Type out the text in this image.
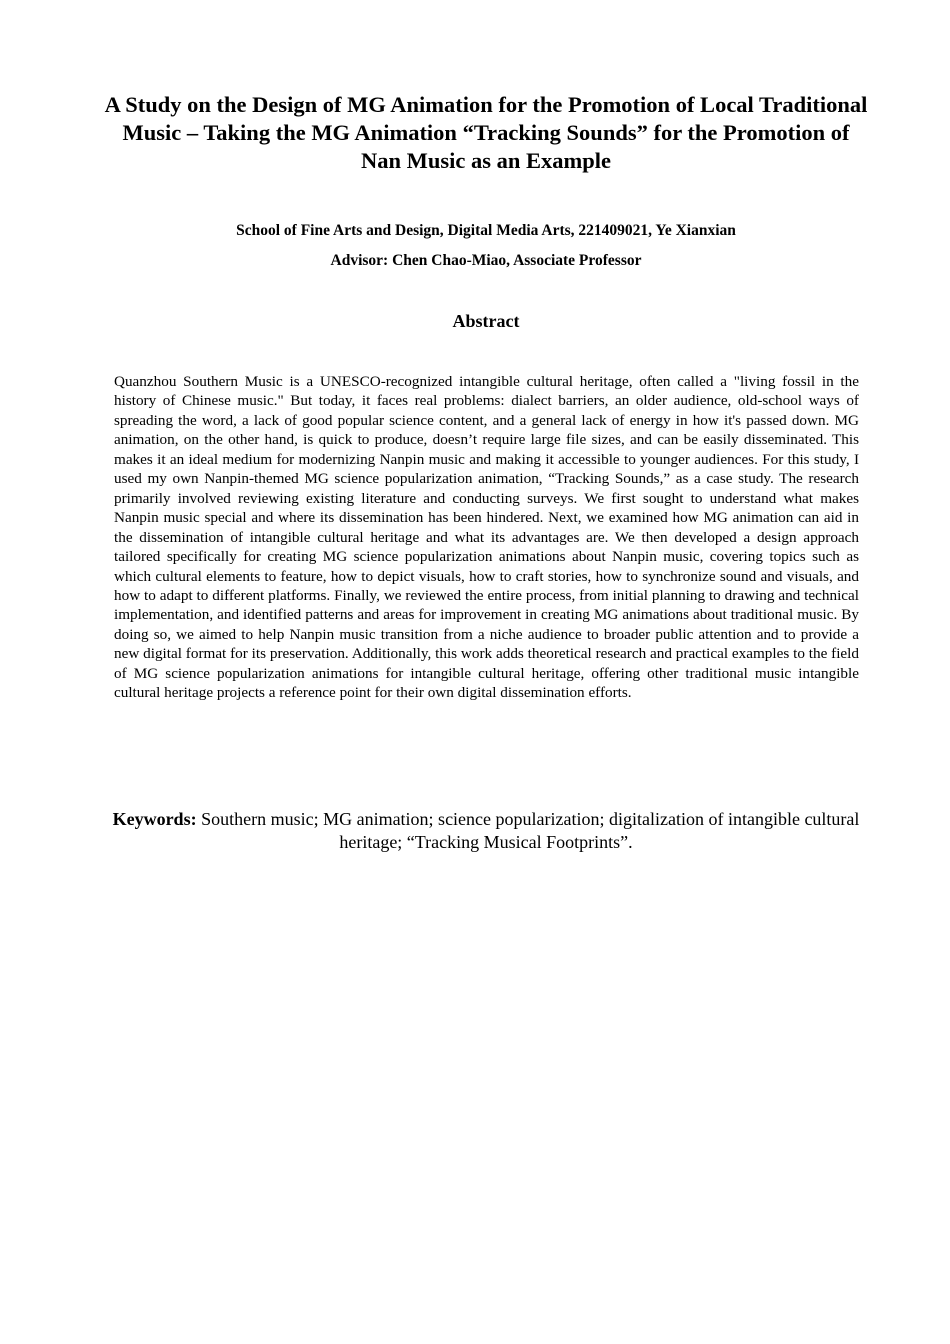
A Study on the Design of MG Animation for the Promotion of Local Traditional Music – Taking the MG Animation “Tracking Sounds” for the Promotion of Nan Music as an Example

School of Fine Arts and Design, Digital Media Arts, 221409021, Ye Xianxian

Advisor: Chen Chao-Miao, Associate Professor

Abstract

Quanzhou Southern Music is a UNESCO-recognized intangible cultural heritage, often called a "living fossil in the history of Chinese music." But today, it faces real problems: dialect barriers, an older audience, old-school ways of spreading the word, a lack of good popular science content, and a general lack of energy in how it's passed down. MG animation, on the other hand, is quick to produce, doesn’t require large file sizes, and can be easily disseminated. This makes it an ideal medium for modernizing Nanpin music and making it accessible to younger audiences. For this study, I used my own Nanpin-themed MG science popularization animation, “Tracking Sounds,” as a case study. The research primarily involved reviewing existing literature and conducting surveys. We first sought to understand what makes Nanpin music special and where its dissemination has been hindered. Next, we examined how MG animation can aid in the dissemination of intangible cultural heritage and what its advantages are. We then developed a design approach tailored specifically for creating MG science popularization animations about Nanpin music, covering topics such as which cultural elements to feature, how to depict visuals, how to craft stories, how to synchronize sound and visuals, and how to adapt to different platforms. Finally, we reviewed the entire process, from initial planning to drawing and technical implementation, and identified patterns and areas for improvement in creating MG animations about traditional music. By doing so, we aimed to help Nanpin music transition from a niche audience to broader public attention and to provide a new digital format for its preservation. Additionally, this work adds theoretical research and practical examples to the field of MG science popularization animations for intangible cultural heritage, offering other traditional music intangible cultural heritage projects a reference point for their own digital dissemination efforts.

Keywords: Southern music; MG animation; science popularization; digitalization of intangible cultural heritage; “Tracking Musical Footprints”.
